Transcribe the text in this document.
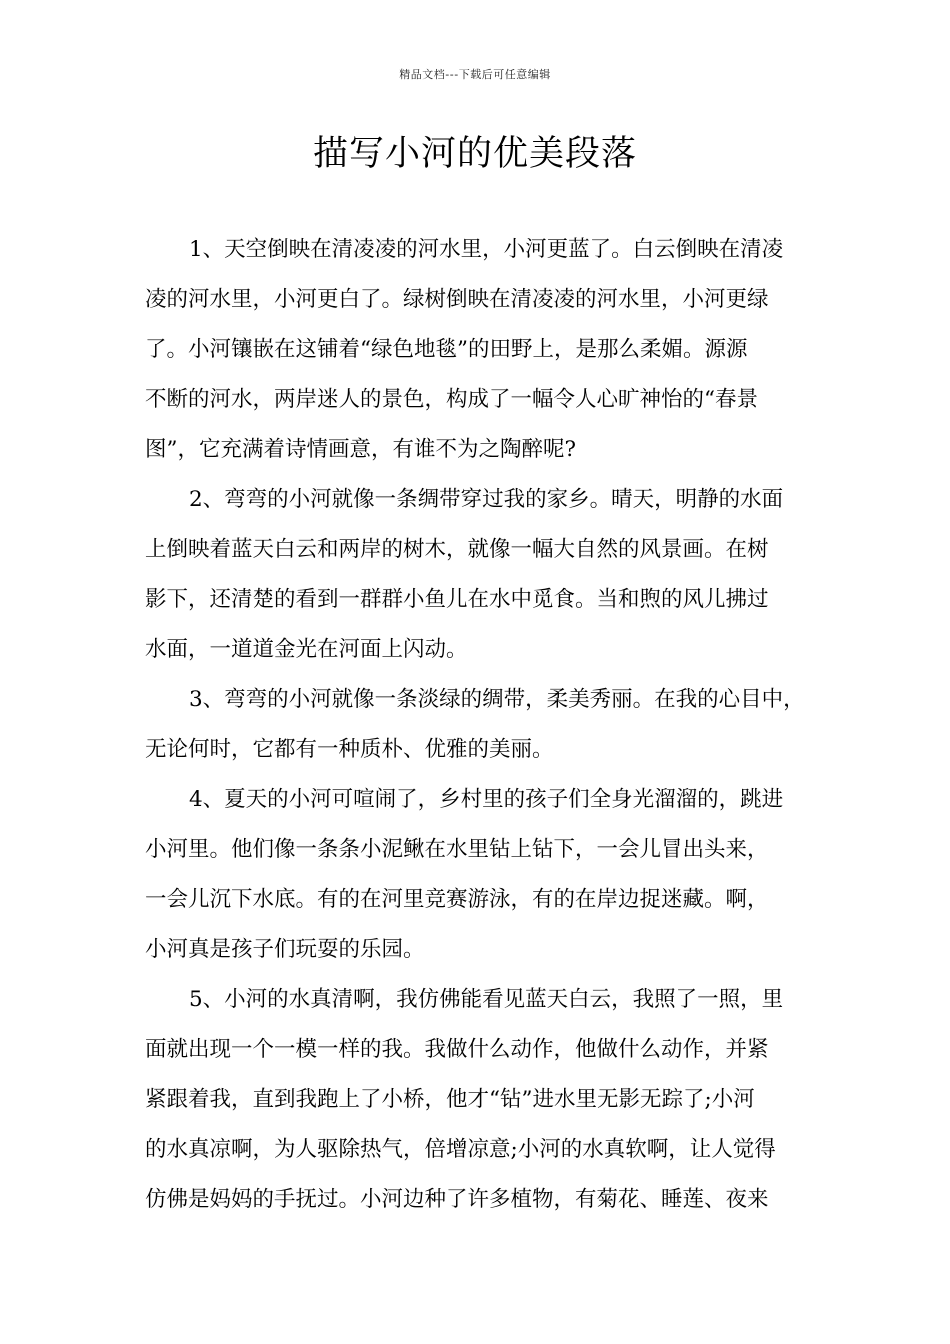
精品文档---下载后可任意编辑
描写小河的优美段落
1、天空倒映在清凌凌的河水里，小河更蓝了。白云倒映在清凌
凌的河水里，小河更白了。绿树倒映在清凌凌的河水里，小河更绿
了。小河镶嵌在这铺着“绿色地毯”的田野上，是那么柔媚。源源
不断的河水，两岸迷人的景色，构成了一幅令人心旷神怡的“春景
图”，它充满着诗情画意，有谁不为之陶醉呢?
2、弯弯的小河就像一条绸带穿过我的家乡。晴天，明静的水面
上倒映着蓝天白云和两岸的树木，就像一幅大自然的风景画。在树
影下，还清楚的看到一群群小鱼儿在水中觅食。当和煦的风儿拂过
水面，一道道金光在河面上闪动。
3、弯弯的小河就像一条淡绿的绸带，柔美秀丽。在我的心目中，
无论何时，它都有一种质朴、优雅的美丽。
4、夏天的小河可喧闹了，乡村里的孩子们全身光溜溜的，跳进
小河里。他们像一条条小泥鳅在水里钻上钻下，一会儿冒出头来，
一会儿沉下水底。有的在河里竞赛游泳，有的在岸边捉迷藏。啊，
小河真是孩子们玩耍的乐园。
5、小河的水真清啊，我仿佛能看见蓝天白云，我照了一照，里
面就出现一个一模一样的我。我做什么动作，他做什么动作，并紧
紧跟着我，直到我跑上了小桥，他才“钻”进水里无影无踪了;小河
的水真凉啊，为人驱除热气，倍增凉意;小河的水真软啊，让人觉得
仿佛是妈妈的手抚过。小河边种了许多植物，有菊花、睡莲、夜来
